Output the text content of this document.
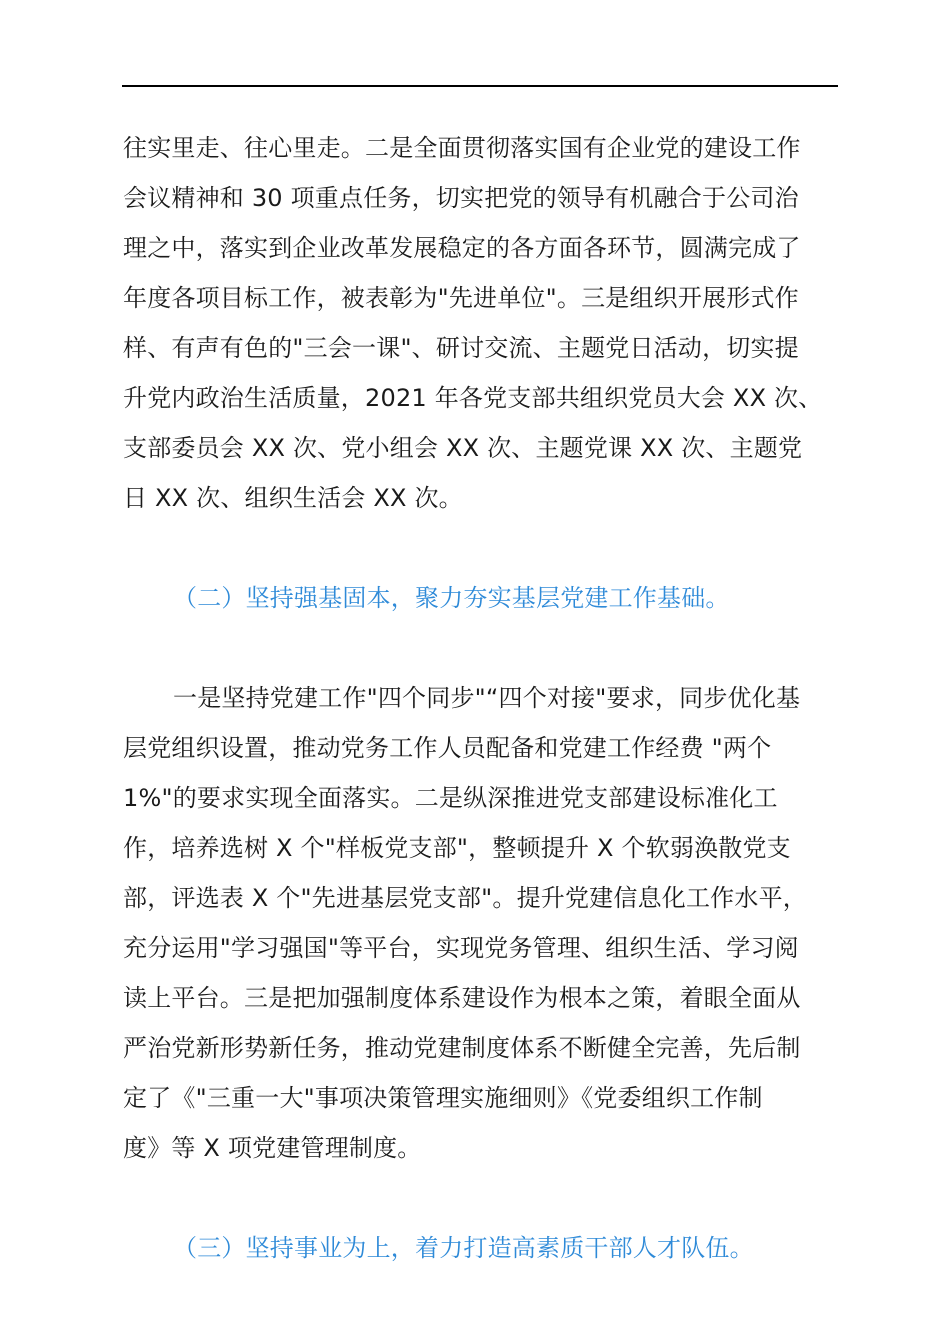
往实里走、往心里走。二是全面贯彻落实国有企业党的建设工作
会议精神和 30 项重点任务，切实把党的领导有机融合于公司治
理之中，落实到企业改革发展稳定的各方面各环节，圆满完成了
年度各项目标工作，被表彰为"先进单位"。三是组织开展形式作
样、有声有色的"三会一课"、研讨交流、主题党日活动，切实提
升党内政治生活质量，2021 年各党支部共组织党员大会 XX 次、
支部委员会 XX 次、党小组会 XX 次、主题党课 XX 次、主题党
日 XX 次、组织生活会 XX 次。
（二）坚持强基固本，聚力夯实基层党建工作基础。
一是坚持党建工作"四个同步"“四个对接"要求，同步优化基
层党组织设置，推动党务工作人员配备和党建工作经费 "两个
1%"的要求实现全面落实。二是纵深推进党支部建设标准化工
作，培养选树 X 个"样板党支部"，整顿提升 X 个软弱涣散党支
部，评选表 X 个"先进基层党支部"。提升党建信息化工作水平，
充分运用"学习强国"等平台，实现党务管理、组织生活、学习阅
读上平台。三是把加强制度体系建设作为根本之策，着眼全面从
严治党新形势新任务，推动党建制度体系不断健全完善，先后制
定了《"三重一大"事项决策管理实施细则》《党委组织工作制
度》等 X 项党建管理制度。
（三）坚持事业为上，着力打造高素质干部人才队伍。
